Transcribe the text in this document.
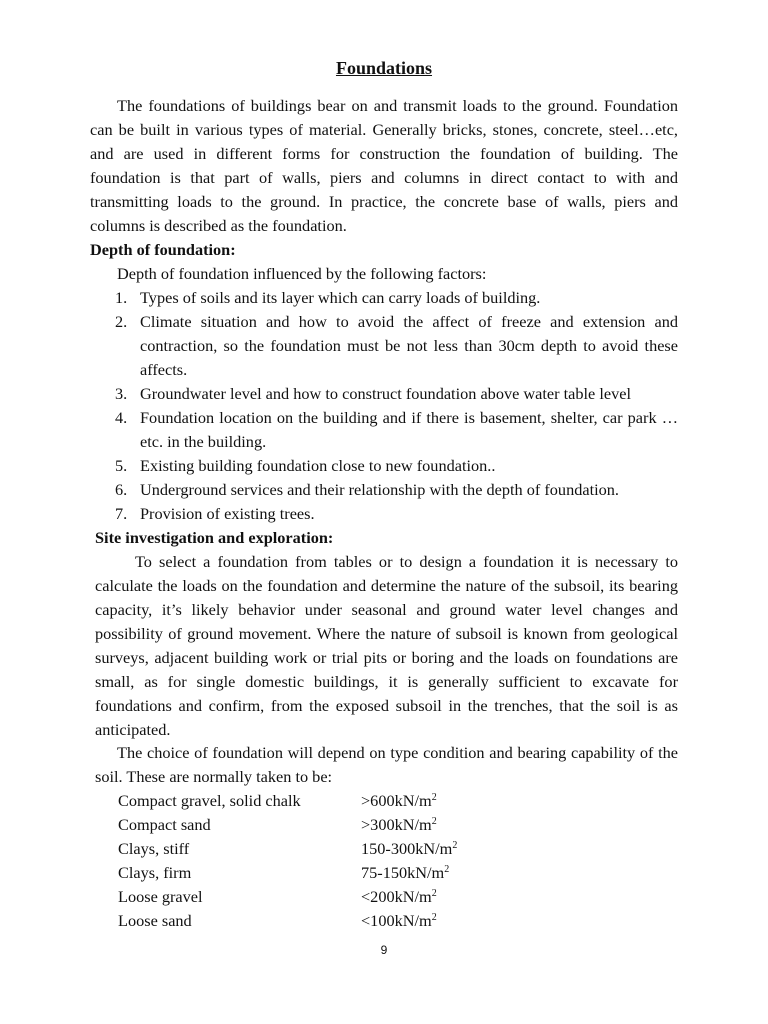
Foundations

The foundations of buildings bear on and transmit loads to the ground. Foundation can be built in various types of material. Generally bricks, stones, concrete, steel…etc, and are used in different forms for construction the foundation of building. The foundation is that part of walls, piers and columns in direct contact to with and transmitting loads to the ground. In practice, the concrete base of walls, piers and columns is described as the foundation.

Depth of foundation:
Depth of foundation influenced by the following factors:
1. Types of soils and its layer which can carry loads of building.
2. Climate situation and how to avoid the affect of freeze and extension and contraction, so the foundation must be not less than 30cm depth to avoid these affects.
3. Groundwater level and how to construct foundation above water table level
4. Foundation location on the building and if there is basement, shelter, car park …etc. in the building.
5. Existing building foundation close to new foundation..
6. Underground services and their relationship with the depth of foundation.
7. Provision of existing trees.
Site investigation and exploration:

To select a foundation from tables or to design a foundation it is necessary to calculate the loads on the foundation and determine the nature of the subsoil, its bearing capacity, it’s likely behavior under seasonal and ground water level changes and possibility of ground movement. Where the nature of subsoil is known from geological surveys, adjacent building work or trial pits or boring and the loads on foundations are small, as for single domestic buildings, it is generally sufficient to excavate for foundations and confirm, from the exposed subsoil in the trenches, that the soil is as anticipated.

The choice of foundation will depend on type condition and bearing capability of the soil. These are normally taken to be:

Compact gravel, solid chalk	$>600kN/m^2$
Compact sand	$>300kN/m^2$
Clays, stiff	$150-300kN/m^2$
Clays, firm	$75-150kN/m^2$
Loose gravel	$<200kN/m^2$
Loose sand	$<100kN/m^2$
9
